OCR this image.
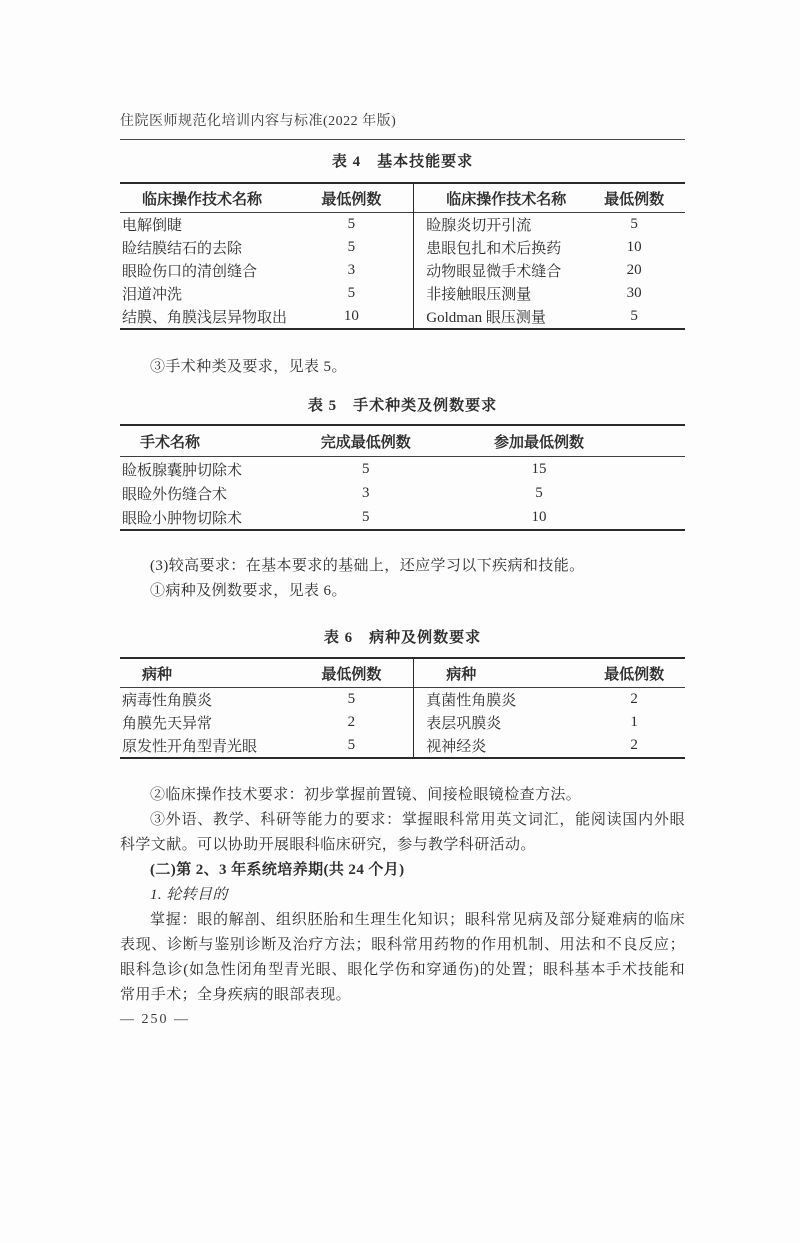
住院医师规范化培训内容与标准(2022 年版)
表 4　基本技能要求
临床操作技术名称	最低例数	临床操作技术名称	最低例数
电解倒睫	5	睑腺炎切开引流	5
睑结膜结石的去除	5	患眼包扎和术后换药	10
眼睑伤口的清创缝合	3	动物眼显微手术缝合	20
泪道冲洗	5	非接触眼压测量	30
结膜、角膜浅层异物取出	10	Goldman 眼压测量	5

③手术种类及要求，见表 5。

表 5　手术种类及例数要求
手术名称	完成最低例数	参加最低例数
睑板腺囊肿切除术	5	15
眼睑外伤缝合术	3	5
眼睑小肿物切除术	5	10

(3)较高要求：在基本要求的基础上，还应学习以下疾病和技能。

①病种及例数要求，见表 6。

表 6　病种及例数要求
病种	最低例数	病种	最低例数
病毒性角膜炎	5	真菌性角膜炎	2
角膜先天异常	2	表层巩膜炎	1
原发性开角型青光眼	5	视神经炎	2

②临床操作技术要求：初步掌握前置镜、间接检眼镜检查方法。

③外语、教学、科研等能力的要求：掌握眼科常用英文词汇，能阅读国内外眼科学文献。可以协助开展眼科临床研究，参与教学科研活动。

(二)第 2、3 年系统培养期(共 24 个月)

1. 轮转目的

掌握：眼的解剖、组织胚胎和生理生化知识；眼科常见病及部分疑难病的临床表现、诊断与鉴别诊断及治疗方法；眼科常用药物的作用机制、用法和不良反应；眼科急诊(如急性闭角型青光眼、眼化学伤和穿通伤)的处置；眼科基本手术技能和常用手术；全身疾病的眼部表现。

— 250 —
